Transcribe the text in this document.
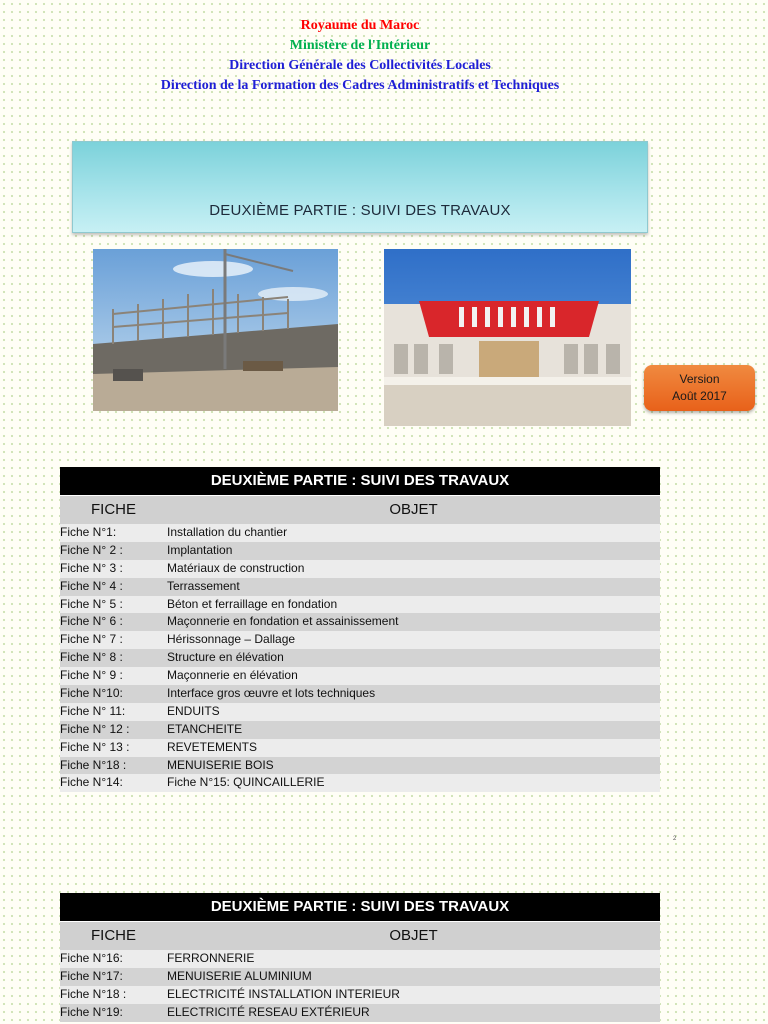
Royaume du Maroc
Ministère de l'Intérieur
Direction Générale des Collectivités Locales
Direction de la Formation des Cadres Administratifs et Techniques
DEUXIÈME PARTIE : SUIVI DES TRAVAUX
Version
Août 2017
DEUXIÈME PARTIE : SUIVI DES TRAVAUX
FICHE	OBJET
Fiche N°1:	Installation du chantier
Fiche N° 2 :	Implantation
Fiche N° 3 :	Matériaux de construction
Fiche N° 4 :	Terrassement
Fiche N° 5 :	Béton et ferraillage en fondation
Fiche N° 6 :	Maçonnerie en fondation et assainissement
Fiche N° 7 :	Hérissonnage – Dallage
Fiche N° 8 :	Structure en élévation
Fiche N° 9 :	Maçonnerie en élévation
Fiche N°10:	Interface gros œuvre et lots techniques
Fiche N° 11:	ENDUITS
Fiche N° 12 :	ETANCHEITE
Fiche N° 13 :	REVETEMENTS
Fiche N°18 :	MENUISERIE BOIS
Fiche N°14:	Fiche N°15: QUINCAILLERIE
2
DEUXIÈME PARTIE : SUIVI DES TRAVAUX
FICHE	OBJET
Fiche N°16:	FERRONNERIE
Fiche N°17:	MENUISERIE ALUMINIUM
Fiche N°18 :	ELECTRICITÉ INSTALLATION INTERIEUR
Fiche N°19:	ELECTRICITÉ RESEAU EXTÉRIEUR
